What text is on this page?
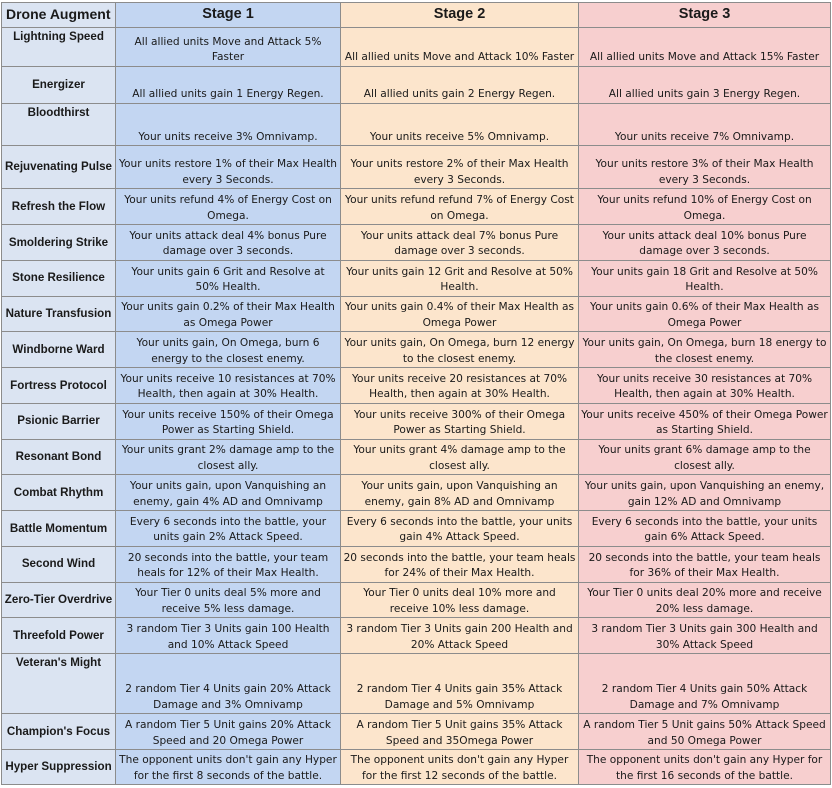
Drone Augment	Stage 1	Stage 2	Stage 3
Lightning Speed	All allied units Move and Attack 5% Faster	All allied units Move and Attack 10% Faster	All allied units Move and Attack 15% Faster
Energizer	All allied units gain 1 Energy Regen.	All allied units gain 2 Energy Regen.	All allied units gain 3 Energy Regen.
Bloodthirst	Your units receive 3% Omnivamp.	Your units receive 5% Omnivamp.	Your units receive 7% Omnivamp.
Rejuvenating Pulse	Your units restore 1% of their Max Health every 3 Seconds.	Your units restore 2% of their Max Health every 3 Seconds.	Your units restore 3% of their Max Health every 3 Seconds.
Refresh the Flow	Your units refund 4% of Energy Cost on Omega.	Your units refund refund 7% of Energy Cost on Omega.	Your units refund 10% of Energy Cost on Omega.
Smoldering Strike	Your units attack deal 4% bonus Pure damage over 3 seconds.	Your units attack deal 7% bonus Pure damage over 3 seconds.	Your units attack deal 10% bonus Pure damage over 3 seconds.
Stone Resilience	Your units gain 6 Grit and Resolve at 50% Health.	Your units gain 12 Grit and Resolve at 50% Health.	Your units gain 18 Grit and Resolve at 50% Health.
Nature Transfusion	Your units gain 0.2% of their Max Health as Omega Power	Your units gain 0.4% of their Max Health as Omega Power	Your units gain 0.6% of their Max Health as Omega Power
Windborne Ward	Your units gain, On Omega, burn 6 energy to the closest enemy.	Your units gain, On Omega, burn 12 energy to the closest enemy.	Your units gain, On Omega, burn 18 energy to the closest enemy.
Fortress Protocol	Your units receive 10 resistances at 70% Health, then again at 30% Health.	Your units receive 20 resistances at 70% Health, then again at 30% Health.	Your units receive 30 resistances at 70% Health, then again at 30% Health.
Psionic Barrier	Your units receive 150% of their Omega Power as Starting Shield.	Your units receive 300% of their Omega Power as Starting Shield.	Your units receive 450% of their Omega Power as Starting Shield.
Resonant Bond	Your units grant 2% damage amp to the closest ally.	Your units grant 4% damage amp to the closest ally.	Your units grant 6% damage amp to the closest ally.
Combat Rhythm	Your units gain, upon Vanquishing an enemy, gain 4% AD and Omnivamp	Your units gain, upon Vanquishing an enemy, gain 8% AD and Omnivamp	Your units gain, upon Vanquishing an enemy, gain 12% AD and Omnivamp
Battle Momentum	Every 6 seconds into the battle, your units gain 2% Attack Speed.	Every 6 seconds into the battle, your units gain 4% Attack Speed.	Every 6 seconds into the battle, your units gain 6% Attack Speed.
Second Wind	20 seconds into the battle, your team heals for 12% of their Max Health.	20 seconds into the battle, your team heals for 24% of their Max Health.	20 seconds into the battle, your team heals for 36% of their Max Health.
Zero-Tier Overdrive	Your Tier 0 units deal 5% more and receive 5% less damage.	Your Tier 0 units deal 10% more and receive 10% less damage.	Your Tier 0 units deal 20% more and receive 20% less damage.
Threefold Power	3 random Tier 3 Units gain 100 Health and 10% Attack Speed	3 random Tier 3 Units gain 200 Health and 20% Attack Speed	3 random Tier 3 Units gain 300 Health and 30% Attack Speed
Veteran's Might	2 random Tier 4 Units gain 20% Attack Damage and 3% Omnivamp	2 random Tier 4 Units gain 35% Attack Damage and 5% Omnivamp	2 random Tier 4 Units gain 50% Attack Damage and 7% Omnivamp
Champion's Focus	A random Tier 5 Unit gains 20% Attack Speed and 20 Omega Power	A random Tier 5 Unit gains 35% Attack Speed and 35Omega Power	A random Tier 5 Unit gains 50% Attack Speed and 50 Omega Power
Hyper Suppression	The opponent units don't gain any Hyper for the first 8 seconds of the battle.	The opponent units don't gain any Hyper for the first 12 seconds of the battle.	The opponent units don't gain any Hyper for the first 16 seconds of the battle.
